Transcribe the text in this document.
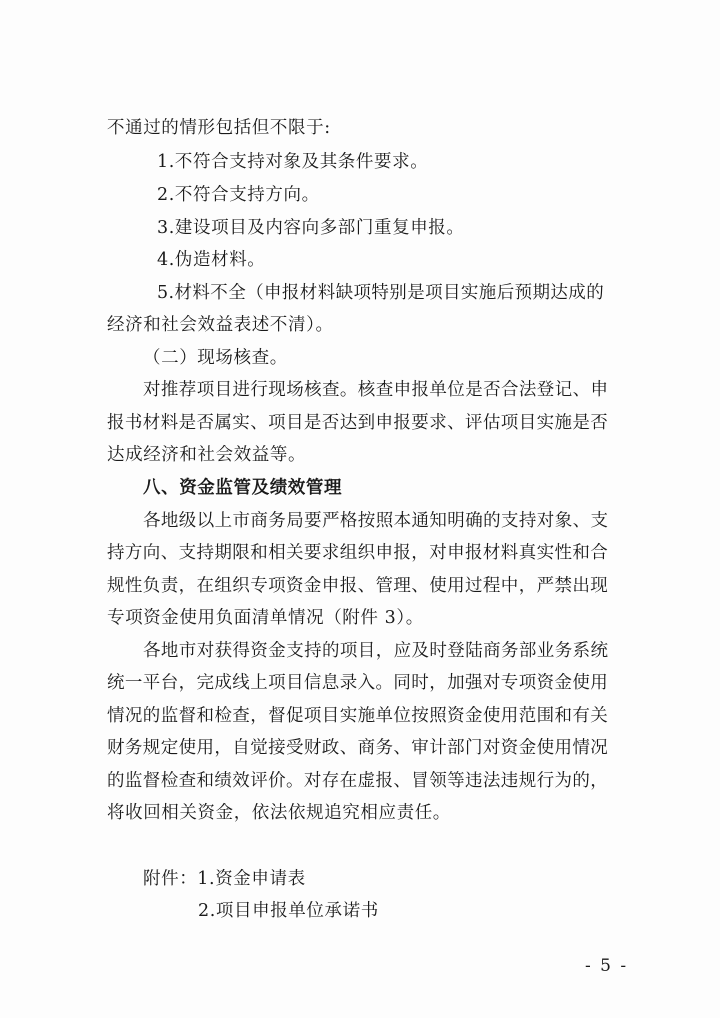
不通过的情形包括但不限于:
1.不符合支持对象及其条件要求。
2.不符合支持方向。
3.建设项目及内容向多部门重复申报。
4.伪造材料。
5.材料不全（申报材料缺项特别是项目实施后预期达成的
经济和社会效益表述不清）。
（二）现场核查。
对推荐项目进行现场核查。核查申报单位是否合法登记、申
报书材料是否属实、项目是否达到申报要求、评估项目实施是否
达成经济和社会效益等。
八、资金监管及绩效管理
各地级以上市商务局要严格按照本通知明确的支持对象、支
持方向、支持期限和相关要求组织申报，对申报材料真实性和合
规性负责，在组织专项资金申报、管理、使用过程中，严禁出现
专项资金使用负面清单情况（附件 3）。
各地市对获得资金支持的项目，应及时登陆商务部业务系统
统一平台，完成线上项目信息录入。同时，加强对专项资金使用
情况的监督和检查，督促项目实施单位按照资金使用范围和有关
财务规定使用，自觉接受财政、商务、审计部门对资金使用情况
的监督检查和绩效评价。对存在虚报、冒领等违法违规行为的，
将收回相关资金，依法依规追究相应责任。
附件：1.资金申请表
2.项目申报单位承诺书
- 5 -
